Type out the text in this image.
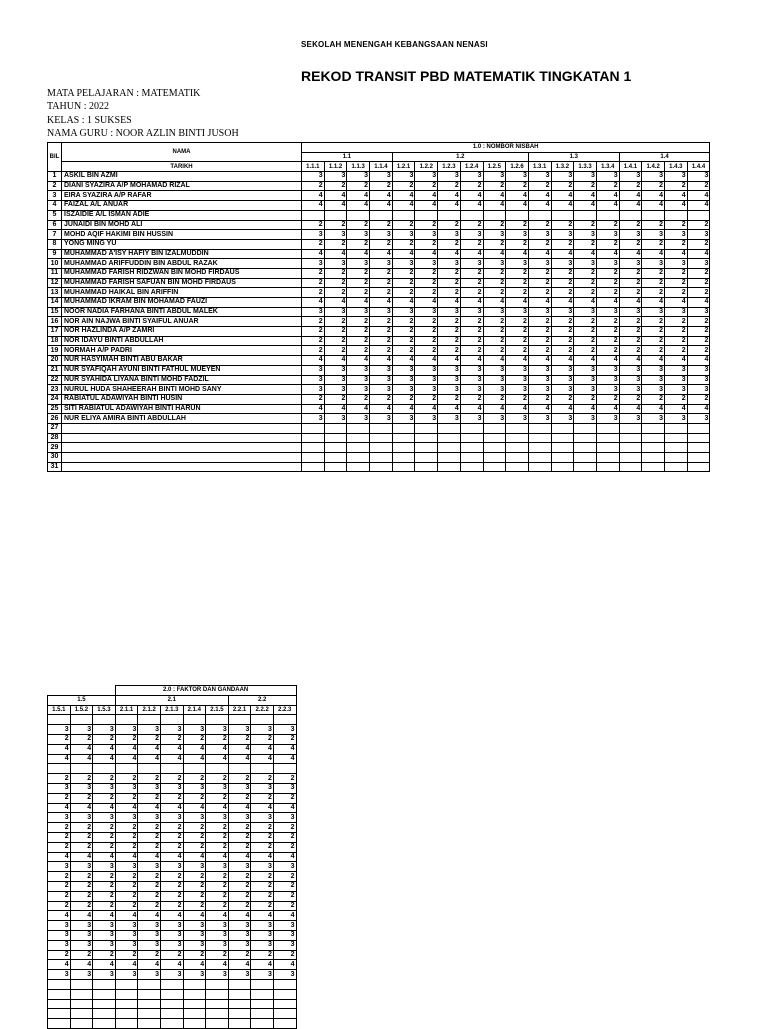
SEKOLAH MENENGAH KEBANGSAAN NENASI
REKOD TRANSIT PBD MATEMATIK TINGKATAN 1
MATA PELAJARAN : MATEMATIK
TAHUN : 2022
KELAS : 1 SUKSES
NAMA GURU : NOOR AZLIN BINTI JUSOH
BIL	NAMA	1.0 : NOMBOR NISBAH																	
		1.1				1.2						1.3				1.4			
	TARIKH	1.1.1	1.1.2	1.1.3	1.1.4	1.2.1	1.2.2	1.2.3	1.2.4	1.2.5	1.2.6	1.3.1	1.3.2	1.3.3	1.3.4	1.4.1	1.4.2	1.4.3	1.4.4
1	ASKIL BIN AZMI	3	3	3	3	3	3	3	3	3	3	3	3	3	3	3	3	3	3
2	DIANI SYAZIRA A/P MOHAMAD RIZAL	2	2	2	2	2	2	2	2	2	2	2	2	2	2	2	2	2	2
3	EIRA SYAZIRA A/P RAFAR	4	4	4	4	4	4	4	4	4	4	4	4	4	4	4	4	4	4
4	FAIZAL A/L ANUAR	4	4	4	4	4	4	4	4	4	4	4	4	4	4	4	4	4	4
5	ISZAIDIE A/L ISMAN ADIE																		
6	JUNAIDI BIN MOHD ALI	2	2	2	2	2	2	2	2	2	2	2	2	2	2	2	2	2	2
7	MOHD AQIF HAKIMI BIN HUSSIN	3	3	3	3	3	3	3	3	3	3	3	3	3	3	3	3	3	3
8	YONG MING YU	2	2	2	2	2	2	2	2	2	2	2	2	2	2	2	2	2	2
9	MUHAMMAD A'ISY HAFIY BIN IZALMUDDIN	4	4	4	4	4	4	4	4	4	4	4	4	4	4	4	4	4	4
10	MUHAMMAD ARIFFUDDIN BIN ABDUL RAZAK	3	3	3	3	3	3	3	3	3	3	3	3	3	3	3	3	3	3
11	MUHAMMAD FARISH RIDZWAN BIN MOHD FIRDAUS	2	2	2	2	2	2	2	2	2	2	2	2	2	2	2	2	2	2
12	MUHAMMAD FARISH SAFUAN BIN MOHD FIRDAUS	2	2	2	2	2	2	2	2	2	2	2	2	2	2	2	2	2	2
13	MUHAMMAD HAIKAL BIN ARIFFIN	2	2	2	2	2	2	2	2	2	2	2	2	2	2	2	2	2	2
14	MUHAMMAD IKRAM BIN MOHAMAD FAUZI	4	4	4	4	4	4	4	4	4	4	4	4	4	4	4	4	4	4
15	NOOR NADIA FARHANA BINTI ABDUL MALEK	3	3	3	3	3	3	3	3	3	3	3	3	3	3	3	3	3	3
16	NOR AIN NAJWA BINTI SYAIFUL ANUAR	2	2	2	2	2	2	2	2	2	2	2	2	2	2	2	2	2	2
17	NOR HAZLINDA A/P ZAMRI	2	2	2	2	2	2	2	2	2	2	2	2	2	2	2	2	2	2
18	NOR IDAYU BINTI ABDULLAH	2	2	2	2	2	2	2	2	2	2	2	2	2	2	2	2	2	2
19	NORMAH A/P PADRI	2	2	2	2	2	2	2	2	2	2	2	2	2	2	2	2	2	2
20	NUR HASYIMAH BINTI ABU BAKAR	4	4	4	4	4	4	4	4	4	4	4	4	4	4	4	4	4	4
21	NUR SYAFIQAH AYUNI BINTI FATHUL MUEYEN	3	3	3	3	3	3	3	3	3	3	3	3	3	3	3	3	3	3
22	NUR SYAHIDA LIYANA BINTI MOHD FADZIL	3	3	3	3	3	3	3	3	3	3	3	3	3	3	3	3	3	3
23	NURUL HUDA SHAHEERAH BINTI MOHD SANY	3	3	3	3	3	3	3	3	3	3	3	3	3	3	3	3	3	3
24	RABIATUL ADAWIYAH BINTI HUSIN	2	2	2	2	2	2	2	2	2	2	2	2	2	2	2	2	2	2
25	SITI RABIATUL ADAWIYAH BINTI HARUN	4	4	4	4	4	4	4	4	4	4	4	4	4	4	4	4	4	4
26	NUR ELIYA AMIRA BINTI ABDULLAH	3	3	3	3	3	3	3	3	3	3	3	3	3	3	3	3	3	3
27																			
28																			
29																			
30																			
31																			
			2.0 : FAKTOR DAN GANDAAN							
1.5			2.1					2.2		
1.5.1	1.5.2	1.5.3	2.1.1	2.1.2	2.1.3	2.1.4	2.1.5	2.2.1	2.2.2	2.2.3

3	3	3	3	3	3	3	3	3	3	3
2	2	2	2	2	2	2	2	2	2	2
4	4	4	4	4	4	4	4	4	4	4
4	4	4	4	4	4	4	4	4	4	4

2	2	2	2	2	2	2	2	2	2	2
3	3	3	3	3	3	3	3	3	3	3
2	2	2	2	2	2	2	2	2	2	2
4	4	4	4	4	4	4	4	4	4	4
3	3	3	3	3	3	3	3	3	3	3
2	2	2	2	2	2	2	2	2	2	2
2	2	2	2	2	2	2	2	2	2	2
2	2	2	2	2	2	2	2	2	2	2
4	4	4	4	4	4	4	4	4	4	4
3	3	3	3	3	3	3	3	3	3	3
2	2	2	2	2	2	2	2	2	2	2
2	2	2	2	2	2	2	2	2	2	2
2	2	2	2	2	2	2	2	2	2	2
2	2	2	2	2	2	2	2	2	2	2
4	4	4	4	4	4	4	4	4	4	4
3	3	3	3	3	3	3	3	3	3	3
3	3	3	3	3	3	3	3	3	3	3
3	3	3	3	3	3	3	3	3	3	3
2	2	2	2	2	2	2	2	2	2	2
4	4	4	4	4	4	4	4	4	4	4
3	3	3	3	3	3	3	3	3	3	3
